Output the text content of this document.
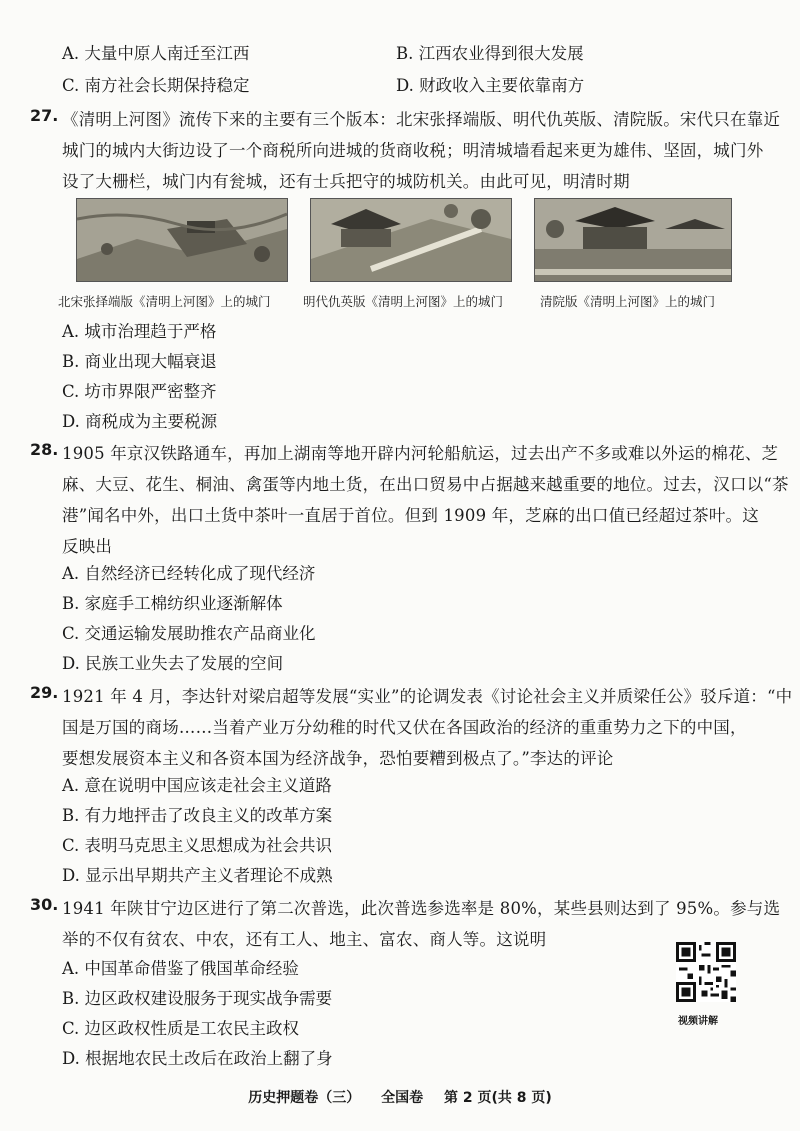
A. 大量中原人南迁至江西	B. 江西农业得到很大发展
C. 南方社会长期保持稳定	D. 财政收入主要依靠南方
27. 《清明上河图》流传下来的主要有三个版本：北宋张择端版、明代仇英版、清院版。宋代只在靠近
城门的城内大街边设了一个商税所向进城的货商收税；明清城墙看起来更为雄伟、坚固，城门外
设了大栅栏，城门内有瓮城，还有士兵把守的城防机关。由此可见，明清时期
北宋张择端版《清明上河图》上的城门	明代仇英版《清明上河图》上的城门	清院版《清明上河图》上的城门
A. 城市治理趋于严格
B. 商业出现大幅衰退
C. 坊市界限严密整齐
D. 商税成为主要税源
28. 1905 年京汉铁路通车，再加上湖南等地开辟内河轮船航运，过去出产不多或难以外运的棉花、芝
麻、大豆、花生、桐油、禽蛋等内地土货，在出口贸易中占据越来越重要的地位。过去，汉口以“茶
港”闻名中外，出口土货中茶叶一直居于首位。但到 1909 年，芝麻的出口值已经超过茶叶。这
反映出
A. 自然经济已经转化成了现代经济
B. 家庭手工棉纺织业逐渐解体
C. 交通运输发展助推农产品商业化
D. 民族工业失去了发展的空间
29. 1921 年 4 月，李达针对梁启超等发展“实业”的论调发表《讨论社会主义并质梁任公》驳斥道：“中
国是万国的商场……当着产业万分幼稚的时代又伏在各国政治的经济的重重势力之下的中国，
要想发展资本主义和各资本国为经济战争，恐怕要糟到极点了。”李达的评论
A. 意在说明中国应该走社会主义道路
B. 有力地抨击了改良主义的改革方案
C. 表明马克思主义思想成为社会共识
D. 显示出早期共产主义者理论不成熟
30. 1941 年陕甘宁边区进行了第二次普选，此次普选参选率是 80%，某些县则达到了 95%。参与选
举的不仅有贫农、中农，还有工人、地主、富农、商人等。这说明
A. 中国革命借鉴了俄国革命经验
B. 边区政权建设服务于现实战争需要
C. 边区政权性质是工农民主政权
D. 根据地农民土改后在政治上翻了身
视频讲解
历史押题卷（三） 全国卷 第 2 页(共 8 页)
